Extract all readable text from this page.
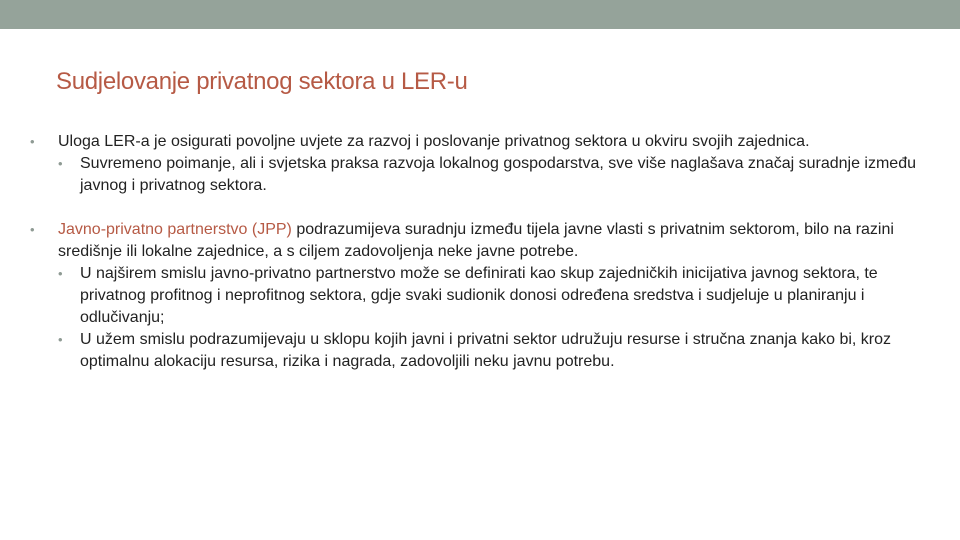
Sudjelovanje privatnog sektora u LER-u

• Uloga LER-a je osigurati povoljne uvjete za razvoj i poslovanje privatnog sektora u okviru svojih zajednica.

• Suvremeno poimanje, ali i svjetska praksa razvoja lokalnog gospodarstva, sve više naglašava značaj suradnje između javnog i privatnog sektora.

• Javno-privatno partnerstvo (JPP) podrazumijeva suradnju između tijela javne vlasti s privatnim sektorom, bilo na razini središnje ili lokalne zajednice, a s ciljem zadovoljenja neke javne potrebe.

• U najširem smislu javno-privatno partnerstvo može se definirati kao skup zajedničkih inicijativa javnog sektora, te privatnog profitnog i neprofitnog sektora, gdje svaki sudionik donosi određena sredstva i sudjeluje u planiranju i odlučivanju;

• U užem smislu podrazumijevaju u sklopu kojih javni i privatni sektor udružuju resurse i stručna znanja kako bi, kroz optimalnu alokaciju resursa, rizika i nagrada, zadovoljili neku javnu potrebu.
